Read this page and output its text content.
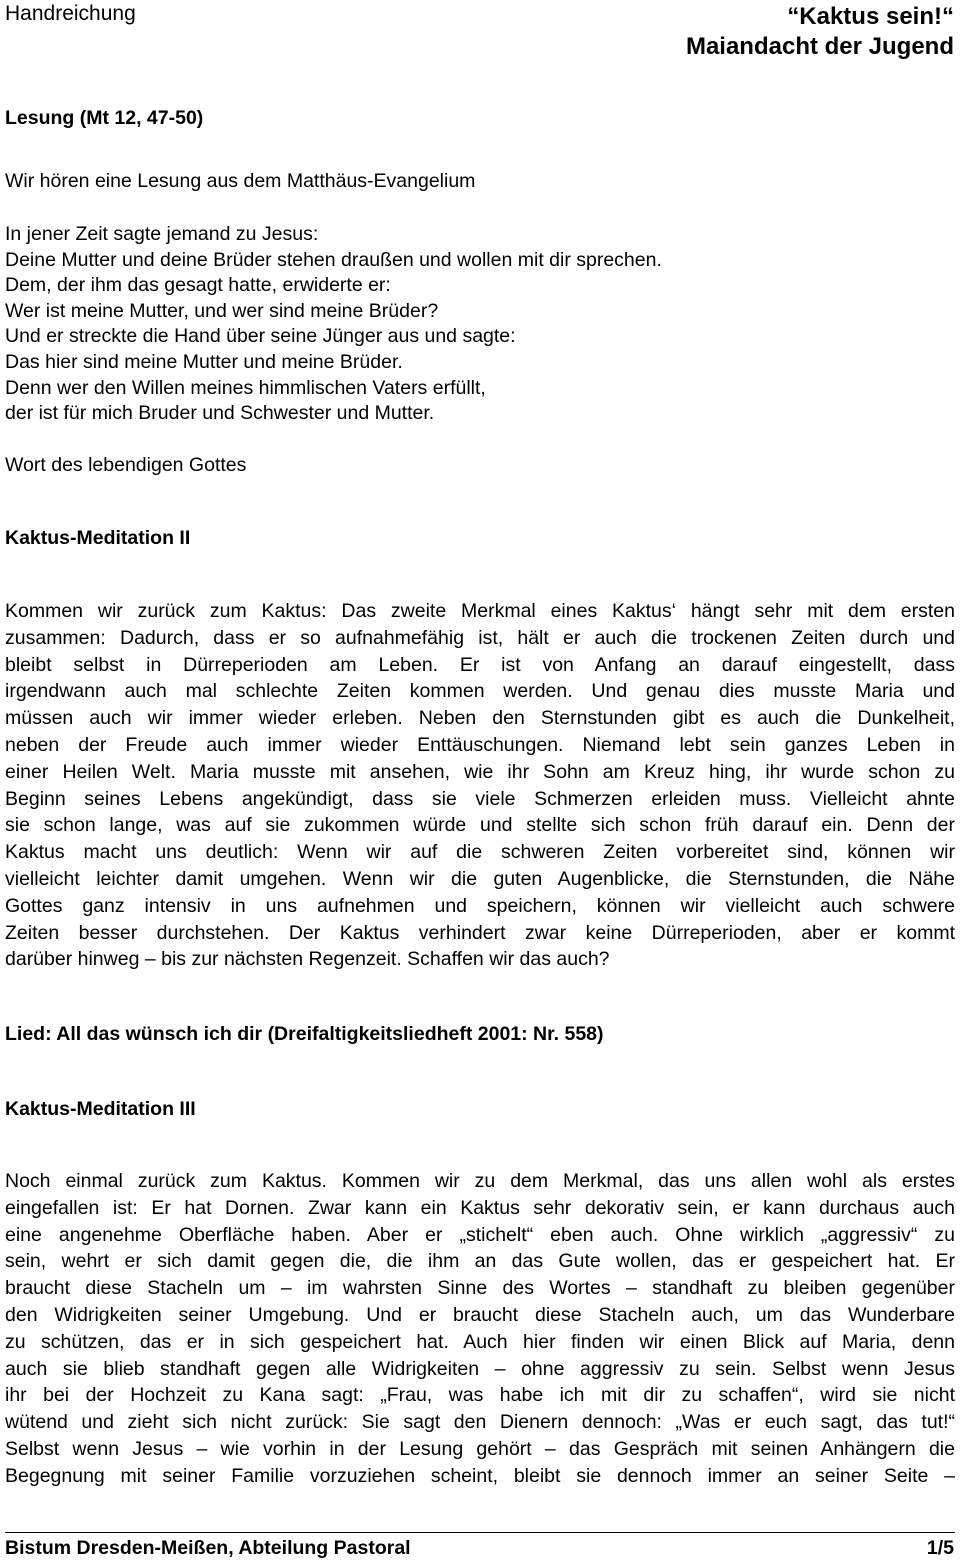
Handreichung	“Kaktus sein!“
Maiandacht der Jugend
Lesung (Mt 12, 47-50)
Wir hören eine Lesung aus dem Matthäus-Evangelium
In jener Zeit sagte jemand zu Jesus:
Deine Mutter und deine Brüder stehen draußen und wollen mit dir sprechen.
Dem, der ihm das gesagt hatte, erwiderte er:
Wer ist meine Mutter, und wer sind meine Brüder?
Und er streckte die Hand über seine Jünger aus und sagte:
Das hier sind meine Mutter und meine Brüder.
Denn wer den Willen meines himmlischen Vaters erfüllt,
der ist für mich Bruder und Schwester und Mutter.
Wort des lebendigen Gottes
Kaktus-Meditation II
Kommen wir zurück zum Kaktus: Das zweite Merkmal eines Kaktus‘ hängt sehr mit dem ersten
zusammen: Dadurch, dass er so aufnahmefähig ist, hält er auch die trockenen Zeiten durch und
bleibt selbst in Dürreperioden am Leben. Er ist von Anfang an darauf eingestellt, dass
irgendwann auch mal schlechte Zeiten kommen werden. Und genau dies musste Maria und
müssen auch wir immer wieder erleben. Neben den Sternstunden gibt es auch die Dunkelheit,
neben der Freude auch immer wieder Enttäuschungen. Niemand lebt sein ganzes Leben in
einer Heilen Welt. Maria musste mit ansehen, wie ihr Sohn am Kreuz hing, ihr wurde schon zu
Beginn seines Lebens angekündigt, dass sie viele Schmerzen erleiden muss. Vielleicht ahnte
sie schon lange, was auf sie zukommen würde und stellte sich schon früh darauf ein. Denn der
Kaktus macht uns deutlich: Wenn wir auf die schweren Zeiten vorbereitet sind, können wir
vielleicht leichter damit umgehen. Wenn wir die guten Augenblicke, die Sternstunden, die Nähe
Gottes ganz intensiv in uns aufnehmen und speichern, können wir vielleicht auch schwere
Zeiten besser durchstehen. Der Kaktus verhindert zwar keine Dürreperioden, aber er kommt
darüber hinweg – bis zur nächsten Regenzeit. Schaffen wir das auch?
Lied: All das wünsch ich dir (Dreifaltigkeitsliedheft 2001: Nr. 558)
Kaktus-Meditation III
Noch einmal zurück zum Kaktus. Kommen wir zu dem Merkmal, das uns allen wohl als erstes
eingefallen ist: Er hat Dornen. Zwar kann ein Kaktus sehr dekorativ sein, er kann durchaus auch
eine angenehme Oberfläche haben. Aber er „stichelt“ eben auch. Ohne wirklich „aggressiv“ zu
sein, wehrt er sich damit gegen die, die ihm an das Gute wollen, das er gespeichert hat. Er
braucht diese Stacheln um – im wahrsten Sinne des Wortes – standhaft zu bleiben gegenüber
den Widrigkeiten seiner Umgebung. Und er braucht diese Stacheln auch, um das Wunderbare
zu schützen, das er in sich gespeichert hat. Auch hier finden wir einen Blick auf Maria, denn
auch sie blieb standhaft gegen alle Widrigkeiten – ohne aggressiv zu sein. Selbst wenn Jesus
ihr bei der Hochzeit zu Kana sagt: „Frau, was habe ich mit dir zu schaffen“, wird sie nicht
wütend und zieht sich nicht zurück: Sie sagt den Dienern dennoch: „Was er euch sagt, das tut!“
Selbst wenn Jesus – wie vorhin in der Lesung gehört – das Gespräch mit seinen Anhängern die
Begegnung mit seiner Familie vorzuziehen scheint, bleibt sie dennoch immer an seiner Seite –
Bistum Dresden-Meißen, Abteilung Pastoral	1/5
